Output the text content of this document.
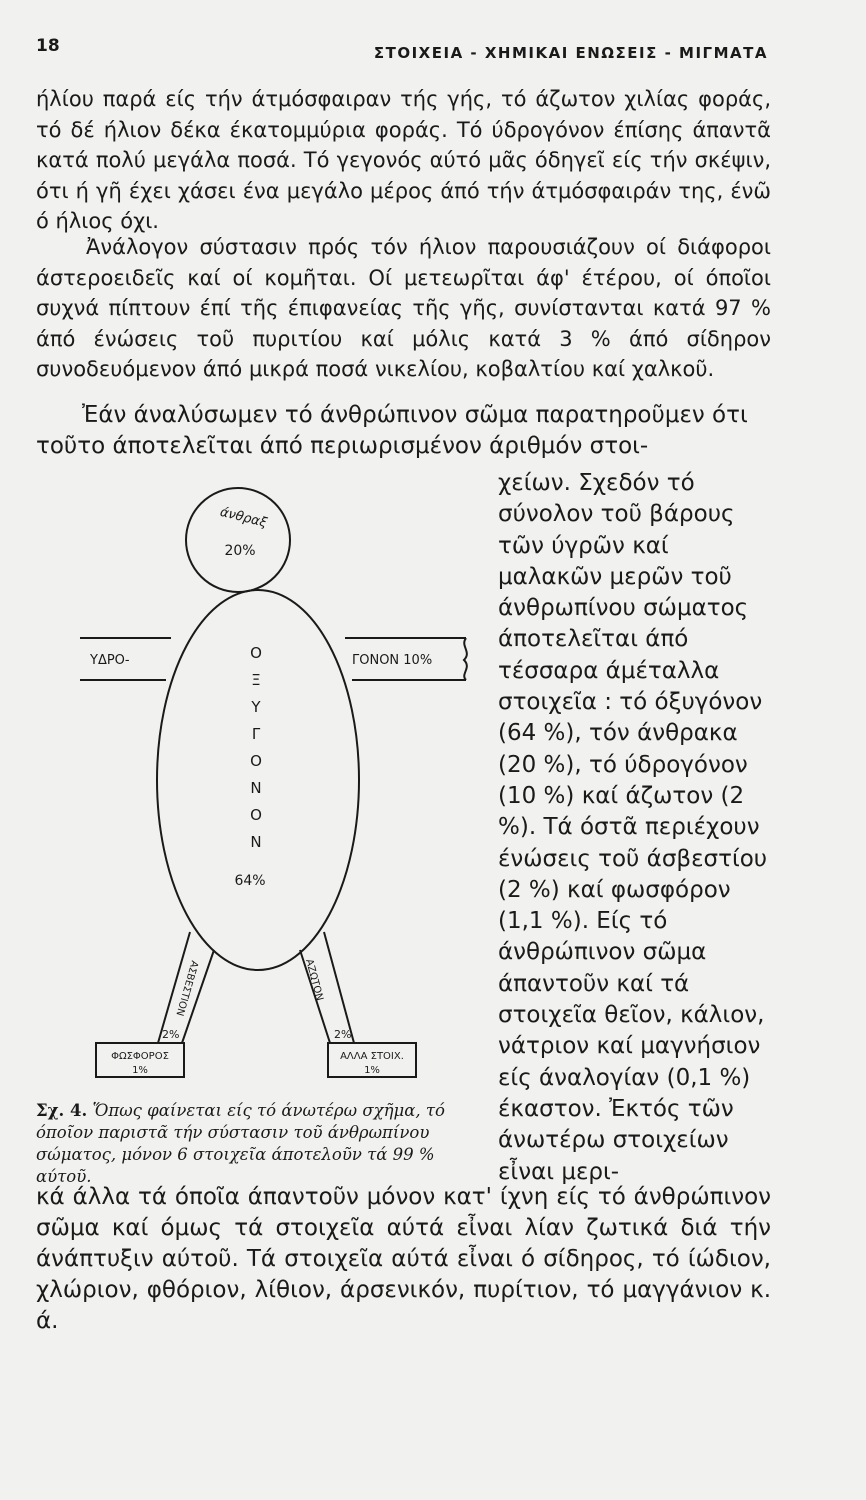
18	ΣΤΟΙΧΕΙΑ - ΧΗΜΙΚΑΙ ΕΝΩΣΕΙΣ - ΜΙΓΜΑΤΑ

ήλίου παρά είς τήν άτμόσφαιραν τής γής, τό άζωτον χιλίας φοράς, τό δέ ήλιον δέκα έκατομμύρια φοράς. Τό ύδρογόνον έπίσης άπαντᾶ κατά πολύ μεγάλα ποσά. Τό γεγονός αύτό μᾶς όδηγεῖ είς τήν σκέψιν, ότι ή γῆ έχει χάσει ένα μεγάλο μέρος άπό τήν άτμόσφαιράν της, ένῶ ό ήλιος όχι.

Ἀνάλογον σύστασιν πρός τόν ήλιον παρουσιάζουν οί διάφοροι άστεροειδεῖς καί οί κομῆται. Οί μετεωρῖται άφ' έτέρου, οί όποῖοι συχνά πίπτουν έπί τῆς έπιφανείας τῆς γῆς, συνίστανται κατά 97 % άπό ένώσεις τοῦ πυριτίου καί μόλις κατά 3 % άπό σίδηρον συνοδευόμενον άπό μικρά ποσά νικελίου, κοβαλτίου καί χαλκοῦ.

Ἐάν άναλύσωμεν τό άνθρώπινον σῶμα παρατηροῦμεν ότι τοῦτο άποτελεῖται άπό περιωρισμένον άριθμόν στοι-

χείων. Σχεδόν τό σύνολον τοῦ βάρους τῶν ύγρῶν καί μαλακῶν μερῶν τοῦ άνθρωπίνου σώματος άποτελεῖται άπό τέσσαρα άμέταλλα στοιχεῖα : τό όξυγόνον (64 %), τόν άνθρακα (20 %), τό ύδρογόνον (10 %) καί άζωτον (2 %). Τά όστᾶ περιέχουν ένώσεις τοῦ άσβεστίου (2 %) καί φωσφόρον (1,1 %). Είς τό άνθρώπινον σῶμα άπαντοῦν καί τά στοιχεῖα θεῖον, κάλιον, νάτριον καί μαγνήσιον είς άναλογίαν (0,1 %) έκαστον. Ἐκτός τῶν άνωτέρω στοιχείων εἶναι μερι-

άνθραξ
20%
Ο
Ξ
Υ
Γ
Ο
Ν
Ο
Ν
64%
ΥΔΡΟ-	ΓΟΝΟΝ 10%
ΑΣΒΕΣΤΙΟΝ
2%
ΑΖΩΤΟΝ
2%
ΦΩΣΦΟΡΟΣ
1%
ΑΛΛΑ ΣΤΟΙΧ.
1%

Σχ. 4. Ὅπως φαίνεται είς τό άνωτέρω σχῆμα, τό όποῖον παριστᾶ τήν σύστασιν τοῦ άνθρωπίνου σώματος, μόνον 6 στοιχεῖα άποτελοῦν τά 99 % αύτοῦ.

κά άλλα τά όποῖα άπαντοῦν μόνον κατ' ίχνη είς τό άνθρώπινον σῶμα καί όμως τά στοιχεῖα αύτά εἶναι λίαν ζωτικά διά τήν άνάπτυξιν αύτοῦ. Τά στοιχεῖα αύτά εἶναι ό σίδηρος, τό ίώδιον, χλώριον, φθόριον, λίθιον, άρσενικόν, πυρίτιον, τό μαγγάνιον κ. ά.
